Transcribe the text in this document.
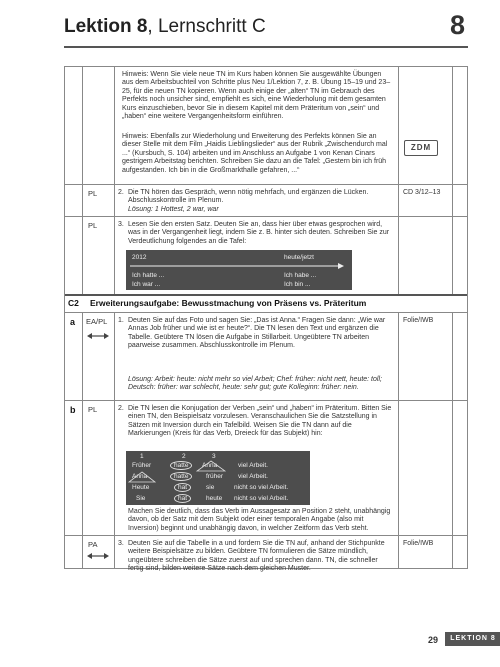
Lektion 8, Lernschritt C	8
Hinweis: Wenn Sie viele neue TN im Kurs haben können Sie ausgewählte Übungen aus dem Arbeitsbuchteil von Schritte plus Neu 1/Lektion 7, z. B. Übung 15–19 und 23–25, für die neuen TN kopieren. Wenn auch einige der „alten“ TN im Gebrauch des Perfekts noch unsicher sind, empfiehlt es sich, eine Wiederholung mit dem gesamten Kurs einzuschieben, bevor Sie in diesem Kapitel mit dem Präteritum von „sein“ und „haben“ eine weitere Vergangenheitsform einführen.
Hinweis: Ebenfalls zur Wiederholung und Erweiterung des Perfekts können Sie an dieser Stelle mit dem Film „Haidis Lieblingslieder“ aus der Rubrik „Zwischendurch mal ...“ (Kursbuch, S. 104) arbeiten und im Anschluss an Aufgabe 1 von Kenan Cinars gestrigem Arbeitstag berichten. Schreiben Sie dazu an die Tafel: „Gestern bin ich früh aufgestanden. Ich bin in die Großmarkthalle gefahren, ...“
ZDM
PL	2. Die TN hören das Gespräch, wenn nötig mehrfach, und ergänzen die Lücken. Abschlusskontrolle im Plenum.
Lösung: 1 Hottest, 2 war, war
CD 3/12–13
PL	3. Lesen Sie den ersten Satz. Deuten Sie an, dass hier über etwas gesprochen wird, was in der Vergangenheit liegt, indem Sie z. B. hinter sich deuten. Schreiben Sie zur Verdeutlichung folgendes an die Tafel:
2012	heute/jetzt
Ich hatte ...	Ich habe ...
Ich war ...	Ich bin ...
C2 Erweiterungsaufgabe: Bewusstmachung von Präsens vs. Präteritum
a EA/PL 1. Deuten Sie auf das Foto und sagen Sie: „Das ist Anna.“ Fragen Sie dann: „Wie war Annas Job früher und wie ist er heute?“. Die TN lesen den Text und ergänzen die Tabelle. Geübtere TN lösen die Aufgabe in Stillarbeit. Ungeübtere TN arbeiten paarweise zusammen. Abschlusskontrolle im Plenum.
Lösung: Arbeit: heute: nicht mehr so viel Arbeit; Chef: früher: nicht nett, heute: toll; Deutsch: früher: war schlecht, heute: sehr gut; gute Kolleginn: früher: nein.
Folie/IWB
b PL	2. Die TN lesen die Konjugation der Verben „sein“ und „haben“ im Präteritum. Bitten Sie einen TN, den Beispielsatz vorzulesen. Veranschaulichen Sie die Satzstellung in Sätzen mit Inversion durch ein Tafelbild. Weisen Sie die TN dann auf die Markierungen (Kreis für das Verb, Dreieck für das Subjekt) hin:
1	2	3
Früher	hatte	Anna	viel Arbeit.
Anna	hatte	früher viel Arbeit.
Heute	hat	sie	nicht so viel Arbeit.
Sie	hat	heute nicht so viel Arbeit.
Machen Sie deutlich, dass das Verb im Aussagesatz an Position 2 steht, unabhängig davon, ob der Satz mit dem Subjekt oder einer temporalen Angabe (also mit Inversion) beginnt und unabhängig davon, in welcher Zeitform das Verb steht.
PA	3. Deuten Sie auf die Tabelle in a und fordern Sie die TN auf, anhand der Stichpunkte weitere Beispielsätze zu bilden. Geübtere TN formulieren die Sätze mündlich, ungeübtere schreiben die Sätze zuerst auf und sprechen dann. TN, die schneller fertig sind, bilden weitere Sätze nach dem gleichen Muster.
Folie/IWB
29	LEKTION 8
